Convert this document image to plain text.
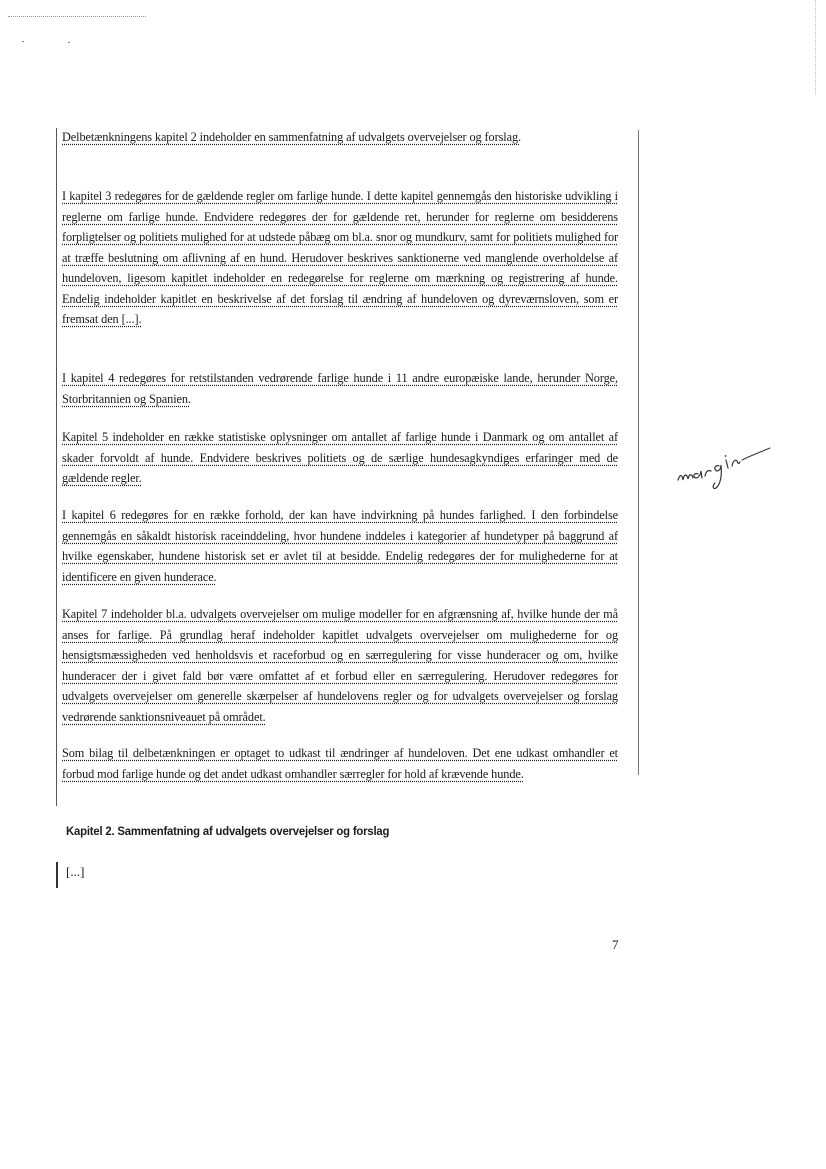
Delbetænkningens kapitel 2 indeholder en sammenfatning af udvalgets overvejelser og forslag.
I kapitel 3 redegøres for de gældende regler om farlige hunde. I dette kapitel gennemgås den historiske udvikling i reglerne om farlige hunde. Endvidere redegøres der for gældende ret, herunder for reglerne om besidderens forpligtelser og politiets mulighed for at udstede påbæg om bl.a. snor og mundkurv, samt for politiets mulighed for at træffe beslutning om aflivning af en hund. Herudover beskrives sanktionerne ved manglende overholdelse af hundeloven, ligesom kapitlet indeholder en redegørelse for reglerne om mærkning og registrering af hunde. Endelig indeholder kapitlet en beskrivelse af det forslag til ændring af hundeloven og dyreværnsloven, som er fremsat den [...].
I kapitel 4 redegøres for retstilstanden vedrørende farlige hunde i 11 andre europæiske lande, herunder Norge, Storbritannien og Spanien.
Kapitel 5 indeholder en række statistiske oplysninger om antallet af farlige hunde i Danmark og om antallet af skader forvoldt af hunde. Endvidere beskrives politiets og de særlige hundesagkyndiges erfaringer med de gældende regler.
I kapitel 6 redegøres for en række forhold, der kan have indvirkning på hundes farlighed. I den forbindelse gennemgås en såkaldt historisk raceinddeling, hvor hundene inddeles i kategorier af hundetyper på baggrund af hvilke egenskaber, hundene historisk set er avlet til at besidde. Endelig redegøres der for mulighederne for at identificere en given hunderace.
Kapitel 7 indeholder bl.a. udvalgets overvejelser om mulige modeller for en afgrænsning af, hvilke hunde der må anses for farlige. På grundlag heraf indeholder kapitlet udvalgets overvejelser om mulighederne for og hensigtsmæssigheden ved henholdsvis et raceforbud og en særregulering for visse hunderacer og om, hvilke hunderacer der i givet fald bør være omfattet af et forbud eller en særregulering. Herudover redegøres for udvalgets overvejelser om generelle skærpelser af hundelovens regler og for udvalgets overvejelser og forslag vedrørende sanktionsniveauet på området.
Som bilag til delbetænkningen er optaget to udkast til ændringer af hundeloven. Det ene udkast omhandler et forbud mod farlige hunde og det andet udkast omhandler særregler for hold af krævende hunde.
Kapitel 2. Sammenfatning af udvalgets overvejelser og forslag
[...]
7
